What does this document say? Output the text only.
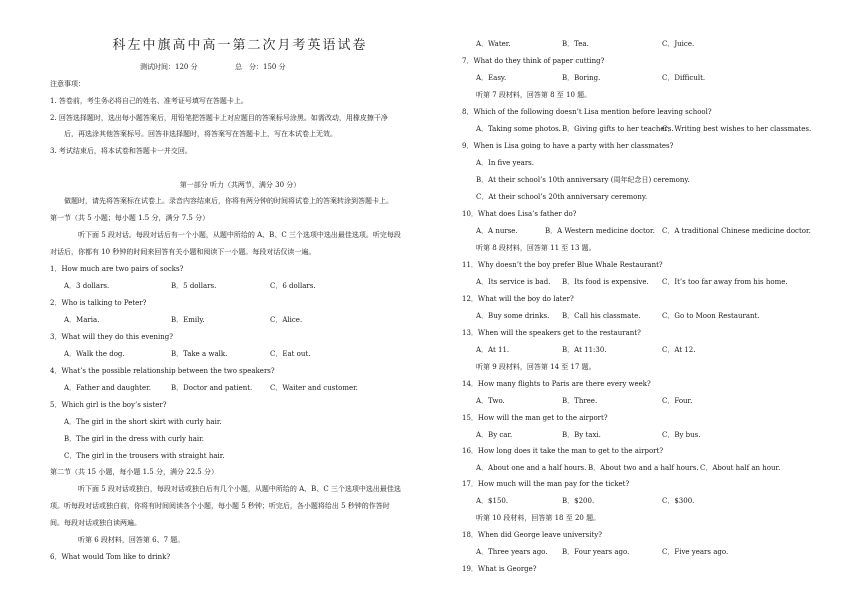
科左中旗高中高一第二次月考英语试卷
测试时间：120 分	总　分：150 分
注意事项：
1. 答卷前，考生务必将自己的姓名、准考证号填写在答题卡上。
2. 回答选择题时，选出每小题答案后，用铅笔把答题卡上对应题目的答案标号涂黑。如需改动，用橡皮擦干净
后，再选涂其他答案标号。回答非选择题时，将答案写在答题卡上，写在本试卷上无效。
3. 考试结束后，将本试卷和答题卡一并交回。
第一部分 听力（共两节，满分 30 分）
做题时，请先将答案标在试卷上。录音内容结束后，你将有两分钟的时间将试卷上的答案转涂到答题卡上。
第一节（共 5 小题；每小题 1.5 分，满分 7.5 分）
听下面 5 段对话。每段对话后有一个小题，从题中所给的 A、B、C 三个选项中选出最佳选项。听完每段
对话后，你都有 10 秒钟的时间来回答有关小题和阅读下一小题。每段对话仅读一遍。
1．How much are two pairs of socks?
A．3 dollars.	B．5 dollars.	C．6 dollars.
2．Who is talking to Peter?
A．Maria.	B．Emily.	C．Alice.
3．What will they do this evening?
A．Walk the dog.	B．Take a walk.	C．Eat out.
4．What’s the possible relationship between the two speakers?
A．Father and daughter.	B．Doctor and patient.	C．Waiter and customer.
5．Which girl is the boy’s sister?
A．The girl in the short skirt with curly hair.
B．The girl in the dress with curly hair.
C．The girl in the trousers with straight hair.
第二节（共 15 小题，每小题 1.5 分，满分 22.5 分）
听下面 5 段对话或独白，每段对话或独白后有几个小题，从题中所给的 A、B、C 三个选项中选出最佳选
项。听每段对话或独白前，你将有时间阅读各个小题，每小题 5 秒钟；听完后，各小题将给出 5 秒钟的作答时
间。每段对话或独白读两遍。
听第 6 段材料，回答第 6、7 题。
6．What would Tom like to drink?
A．Water.	B．Tea.	C．Juice.
7．What do they think of paper cutting?
A．Easy.	B．Boring.	C．Difficult.
听第 7 段材料，回答第 8 至 10 题。
8．Which of the following doesn’t Lisa mention before leaving school?
A．Taking some photos. B．Giving gifts to her teachers.
C．Writing best wishes to her classmates.
9．When is Lisa going to have a party with her classmates?
A．In five years.
B．At their school’s 10th anniversary (周年纪念日) ceremony.
C．At their school’s 20th anniversary ceremony.
10．What does Lisa’s father do?
A．A nurse.	B．A Western medicine doctor. C．A traditional Chinese medicine doctor.
听第 8 段材料，回答第 11 至 13 题。
11．Why doesn’t the boy prefer Blue Whale Restaurant?
A．Its service is bad. B．Its food is expensive. C．It’s too far away from his home.
12．What will the boy do later?
A．Buy some drinks. B．Call his classmate.	C．Go to Moon Restaurant.
13．When will the speakers get to the restaurant?
A．At 11.	B．At 11:30.	C．At 12.
听第 9 段材料，回答第 14 至 17 题。
14．How many flights to Paris are there every week?
A．Two.	B．Three.	C．Four.
15．How will the man get to the airport?
A．By car.	B．By taxi.	C．By bus.
16．How long does it take the man to get to the airport?
A．About one and a half hours. B．About two and a half hours. C．About half an hour.
17．How much will the man pay for the ticket?
A．$150.	B．$200.	C．$300.
听第 10 段材料，回答第 18 至 20 题。
18．When did George leave university?
A．Three years ago. B．Four years ago.	C．Five years ago.
19．What is George?
